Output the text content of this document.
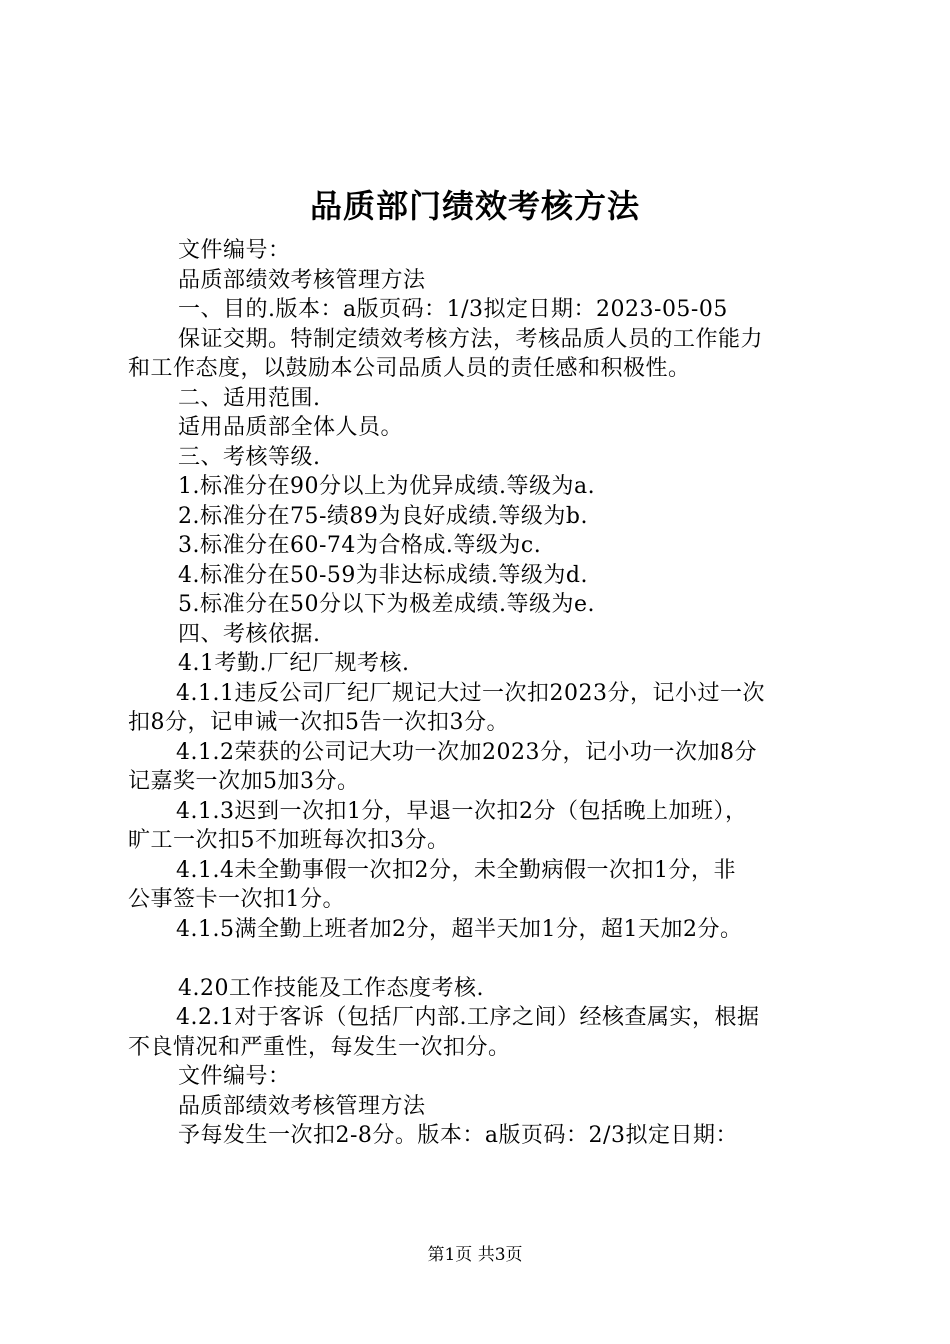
品质部门绩效考核方法
文件编号：
品质部绩效考核管理方法
一、目的.版本：a版页码：1/3拟定日期：2023-05-05
保证交期。特制定绩效考核方法，考核品质人员的工作能力
和工作态度，以鼓励本公司品质人员的责任感和积极性。
二、适用范围.
适用品质部全体人员。
三、考核等级.
1.标准分在90分以上为优异成绩.等级为a.
2.标准分在75-绩89为良好成绩.等级为b.
3.标准分在60-74为合格成.等级为c.
4.标准分在50-59为非达标成绩.等级为d.
5.标准分在50分以下为极差成绩.等级为e.
四、考核依据.
4.1考勤.厂纪厂规考核.
4.1.1违反公司厂纪厂规记大过一次扣2023分，记小过一次
扣8分，记申诫一次扣5告一次扣3分。
4.1.2荣获的公司记大功一次加2023分，记小功一次加8分
记嘉奖一次加5加3分。
4.1.3迟到一次扣1分，早退一次扣2分（包括晚上加班），
旷工一次扣5不加班每次扣3分。
4.1.4未全勤事假一次扣2分，未全勤病假一次扣1分，非
公事签卡一次扣1分。
4.1.5满全勤上班者加2分，超半天加1分，超1天加2分。
4.20工作技能及工作态度考核.
4.2.1对于客诉（包括厂内部.工序之间）经核查属实，根据
不良情况和严重性，每发生一次扣分。
文件编号：
品质部绩效考核管理方法
予每发生一次扣2-8分。版本：a版页码：2/3拟定日期：
第1页 共3页
